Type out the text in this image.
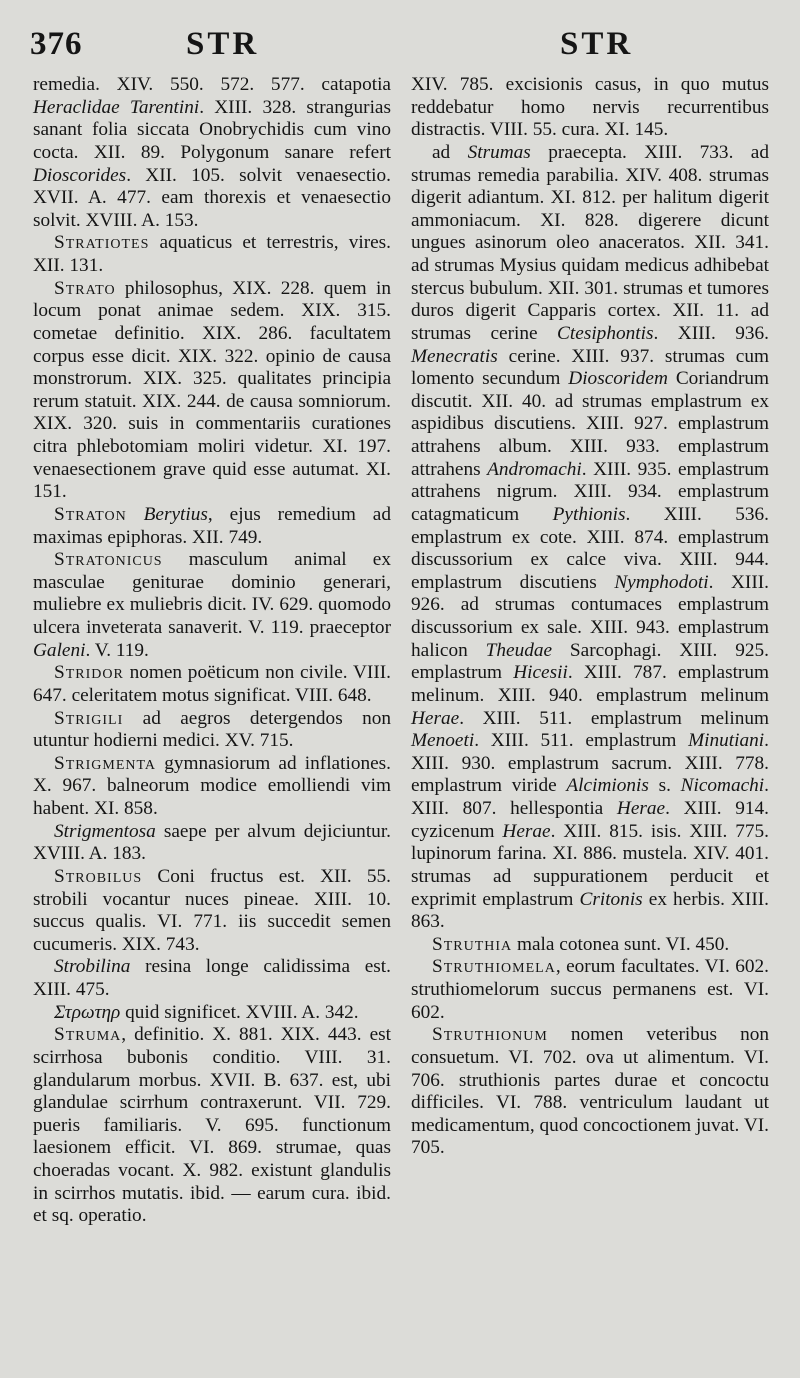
376	STR	STR

remedia. XIV. 550. 572. 577. catapotia Heraclidae Tarentini. XIII. 328. strangurias sanant folia siccata Onobrychidis cum vino cocta. XII. 89. Polygonum sanare refert Dioscorides. XII. 105. solvit venaesectio. XVII. A. 477. eam thorexis et venaesectio solvit. XVIII. A. 153.

Stratiotes aquaticus et terrestris, vires. XII. 131.

Strato philosophus, XIX. 228. quem in locum ponat animae sedem. XIX. 315. cometae definitio. XIX. 286. facultatem corpus esse dicit. XIX. 322. opinio de causa monstrorum. XIX. 325. qualitates principia rerum statuit. XIX. 244. de causa somniorum. XIX. 320. suis in commentariis curationes citra phlebotomiam moliri videtur. XI. 197. venaesectionem grave quid esse autumat. XI. 151.

Straton Berytius, ejus remedium ad maximas epiphoras. XII. 749.

Stratonicus masculum animal ex masculae geniturae dominio generari, muliebre ex muliebris dicit. IV. 629. quomodo ulcera inveterata sanaverit. V. 119. praeceptor Galeni. V. 119.

Stridor nomen poëticum non civile. VIII. 647. celeritatem motus significat. VIII. 648.

Strigili ad aegros detergendos non utuntur hodierni medici. XV. 715.

Strigmenta gymnasiorum ad inflationes. X. 967. balneorum modice emolliendi vim habent. XI. 858.

Strigmentosa saepe per alvum dejiciuntur. XVIII. A. 183.

Strobilus Coni fructus est. XII. 55. strobili vocantur nuces pineae. XIII. 10. succus qualis. VI. 771. iis succedit semen cucumeris. XIX. 743.

Strobilina resina longe calidissima est. XIII. 475.

Στρωτηρ quid significet. XVIII. A. 342.

Struma, definitio. X. 881. XIX. 443. est scirrhosa bubonis conditio. VIII. 31. glandularum morbus. XVII. B. 637. est, ubi glandulae scirrhum contraxerunt. VII. 729. pueris familiaris. V. 695. functionum laesionem efficit. VI. 869. strumae, quas choeradas vocant. X. 982. existunt glandulis in scirrhos mutatis. ibid. — earum cura. ibid. et sq. operatio.

XIV. 785. excisionis casus, in quo mutus reddebatur homo nervis recurrentibus distractis. VIII. 55. cura. XI. 145.

ad Strumas praecepta. XIII. 733. ad strumas remedia parabilia. XIV. 408. strumas digerit adiantum. XI. 812. per halitum digerit ammoniacum. XI. 828. digerere dicunt ungues asinorum oleo anaceratos. XII. 341. ad strumas Mysius quidam medicus adhibebat stercus bubulum. XII. 301. strumas et tumores duros digerit Capparis cortex. XII. 11. ad strumas cerine Ctesiphontis. XIII. 936. Menecratis cerine. XIII. 937. strumas cum lomento secundum Dioscoridem Coriandrum discutit. XII. 40. ad strumas emplastrum ex aspidibus discutiens. XIII. 927. emplastrum attrahens album. XIII. 933. emplastrum attrahens Andromachi. XIII. 935. emplastrum attrahens nigrum. XIII. 934. emplastrum catagmaticum Pythionis. XIII. 536. emplastrum ex cote. XIII. 874. emplastrum discussorium ex calce viva. XIII. 944. emplastrum discutiens Nymphodoti. XIII. 926. ad strumas contumaces emplastrum discussorium ex sale. XIII. 943. emplastrum halicon Theudae Sarcophagi. XIII. 925. emplastrum Hicesii. XIII. 787. emplastrum melinum. XIII. 940. emplastrum melinum Herae. XIII. 511. emplastrum melinum Menoeti. XIII. 511. emplastrum Minutiani. XIII. 930. emplastrum sacrum. XIII. 778. emplastrum viride Alcimionis s. Nicomachi. XIII. 807. hellespontia Herae. XIII. 914. cyzicenum Herae. XIII. 815. isis. XIII. 775. lupinorum farina. XI. 886. mustela. XIV. 401. strumas ad suppurationem perducit et exprimit emplastrum Critonis ex herbis. XIII. 863.

Struthia mala cotonea sunt. VI. 450.

Struthiomela, eorum facultates. VI. 602. struthiomelorum succus permanens est. VI. 602.

Struthionum nomen veteribus non consuetum. VI. 702. ova ut alimentum. VI. 706. struthionis partes durae et concoctu difficiles. VI. 788. ventriculum laudant ut medicamentum, quod concoctionem juvat. VI. 705.
